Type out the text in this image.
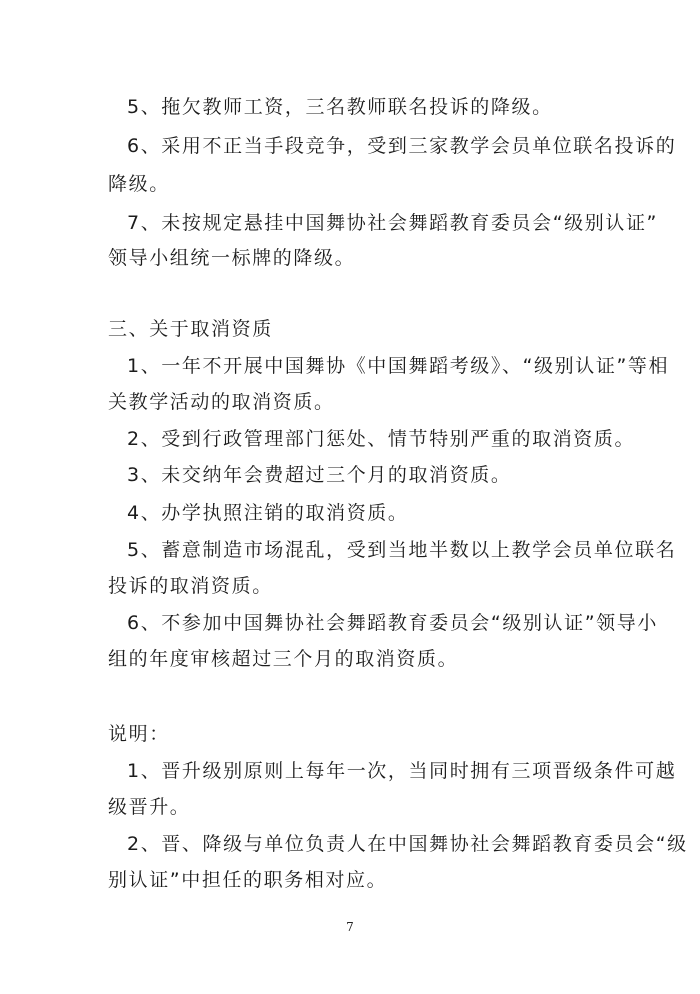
5、拖欠教师工资，三名教师联名投诉的降级。
6、采用不正当手段竞争，受到三家教学会员单位联名投诉的
降级。
7、未按规定悬挂中国舞协社会舞蹈教育委员会“级别认证”
领导小组统一标牌的降级。
三、关于取消资质
1、一年不开展中国舞协《中国舞蹈考级》、“级别认证”等相
关教学活动的取消资质。
2、受到行政管理部门惩处、情节特别严重的取消资质。
3、未交纳年会费超过三个月的取消资质。
4、办学执照注销的取消资质。
5、蓄意制造市场混乱，受到当地半数以上教学会员单位联名
投诉的取消资质。
6、不参加中国舞协社会舞蹈教育委员会“级别认证”领导小
组的年度审核超过三个月的取消资质。
说明：
1、晋升级别原则上每年一次，当同时拥有三项晋级条件可越
级晋升。
2、晋、降级与单位负责人在中国舞协社会舞蹈教育委员会“级
别认证”中担任的职务相对应。
7
